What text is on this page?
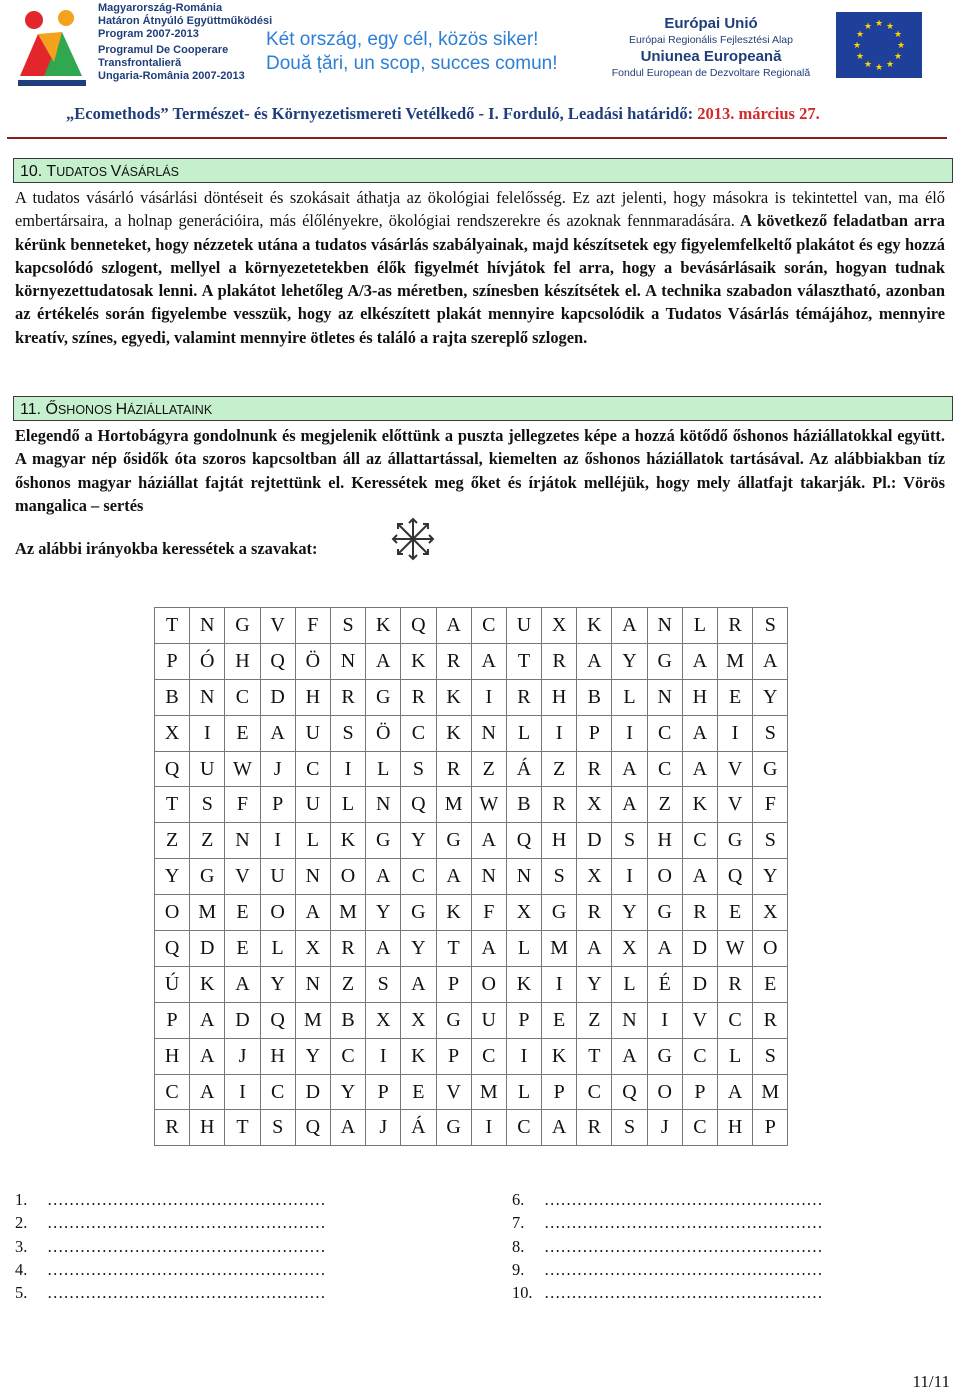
Magyarország-Románia
Határon Átnyúló Együttműködési
Program 2007-2013
Programul De Cooperare
Transfrontalieră
Ungaria-România 2007-2013
Két ország, egy cél, közös siker!
Două țări, un scop, succes comun!
Európai Unió
Európai Regionális Fejlesztési Alap
Uniunea Europeană
Fondul European de Dezvoltare Regională
★ ★
★
★
★
★
★
★
★
★
★
★
„Ecomethods” Természet- és Környezetismereti Vetélkedő - I. Forduló, Leadási határidő: 2013. március 27.
10. TUDATOS VÁSÁRLÁS

A tudatos vásárló vásárlási döntéseit és szokásait áthatja az ökológiai felelősség. Ez azt jelenti, hogy másokra is tekintettel van, ma élő embertársaira, a holnap generációira, más élőlényekre, ökológiai rendszerekre és azoknak fennmaradására. A következő feladatban arra kérünk benneteket, hogy nézzetek utána a tudatos vásárlás szabályainak, majd készítsetek egy figyelemfelkeltő plakátot és egy hozzá kapcsolódó szlogent, mellyel a környezetetekben élők figyelmét hívjátok fel arra, hogy a bevásárlásaik során, hogyan tudnak környezettudatosak lenni. A plakátot lehetőleg A/3-as méretben, színesben készítsétek el. A technika szabadon választható, azonban az értékelés során figyelembe vesszük, hogy az elkészített plakát mennyire kapcsolódik a Tudatos Vásárlás témájához, mennyire kreatív, színes, egyedi, valamint mennyire ötletes és találó a rajta szereplő szlogen.

11. ŐSHONOS HÁZIÁLLATAINK

Elegendő a Hortobágyra gondolnunk és megjelenik előttünk a puszta jellegzetes képe a hozzá kötődő őshonos háziállatokkal együtt. A magyar nép ősidők óta szoros kapcsoltban áll az állattartással, kiemelten az őshonos háziállatok tartásával. Az alábbiakban tíz őshonos magyar háziállat fajtát rejtettünk el. Keressétek meg őket és írjátok melléjük, hogy mely állatfajt takarják. Pl.: Vörös mangalica – sertés

Az alábbi irányokba keressétek a szavakat:
T	N	G	V	F	S	K	Q	A	C	U	X	K	A	N	L	R	S
P	Ó	H	Q	Ö	N	A	K	R	A	T	R	A	Y	G	A	M	A
B	N	C	D	H	R	G	R	K	I	R	H	B	L	N	H	E	Y
X	I	E	A	U	S	Ö	C	K	N	L	I	P	I	C	A	I	S
Q	U	W	J	C	I	L	S	R	Z	Á	Z	R	A	C	A	V	G
T	S	F	P	U	L	N	Q	M	W	B	R	X	A	Z	K	V	F
Z	Z	N	I	L	K	G	Y	G	A	Q	H	D	S	H	C	G	S
Y	G	V	U	N	O	A	C	A	N	N	S	X	I	O	A	Q	Y
O	M	E	O	A	M	Y	G	K	F	X	G	R	Y	G	R	E	X
Q	D	E	L	X	R	A	Y	T	A	L	M	A	X	A	D	W	O
Ú	K	A	Y	N	Z	S	A	P	O	K	I	Y	L	É	D	R	E
P	A	D	Q	M	B	X	X	G	U	P	E	Z	N	I	V	C	R
H	A	J	H	Y	C	I	K	P	C	I	K	T	A	G	C	L	S
C	A	I	C	D	Y	P	E	V	M	L	P	C	Q	O	P	A	M
R	H	T	S	Q	A	J	Á	G	I	C	A	R	S	J	C	H	P
1. ……………………………………………
2. ……………………………………………
3. ……………………………………………
4. ……………………………………………
5. ……………………………………………
6. ……………………………………………
7. ……………………………………………
8. ……………………………………………
9. ……………………………………………
10. ……………………………………………
11/11
